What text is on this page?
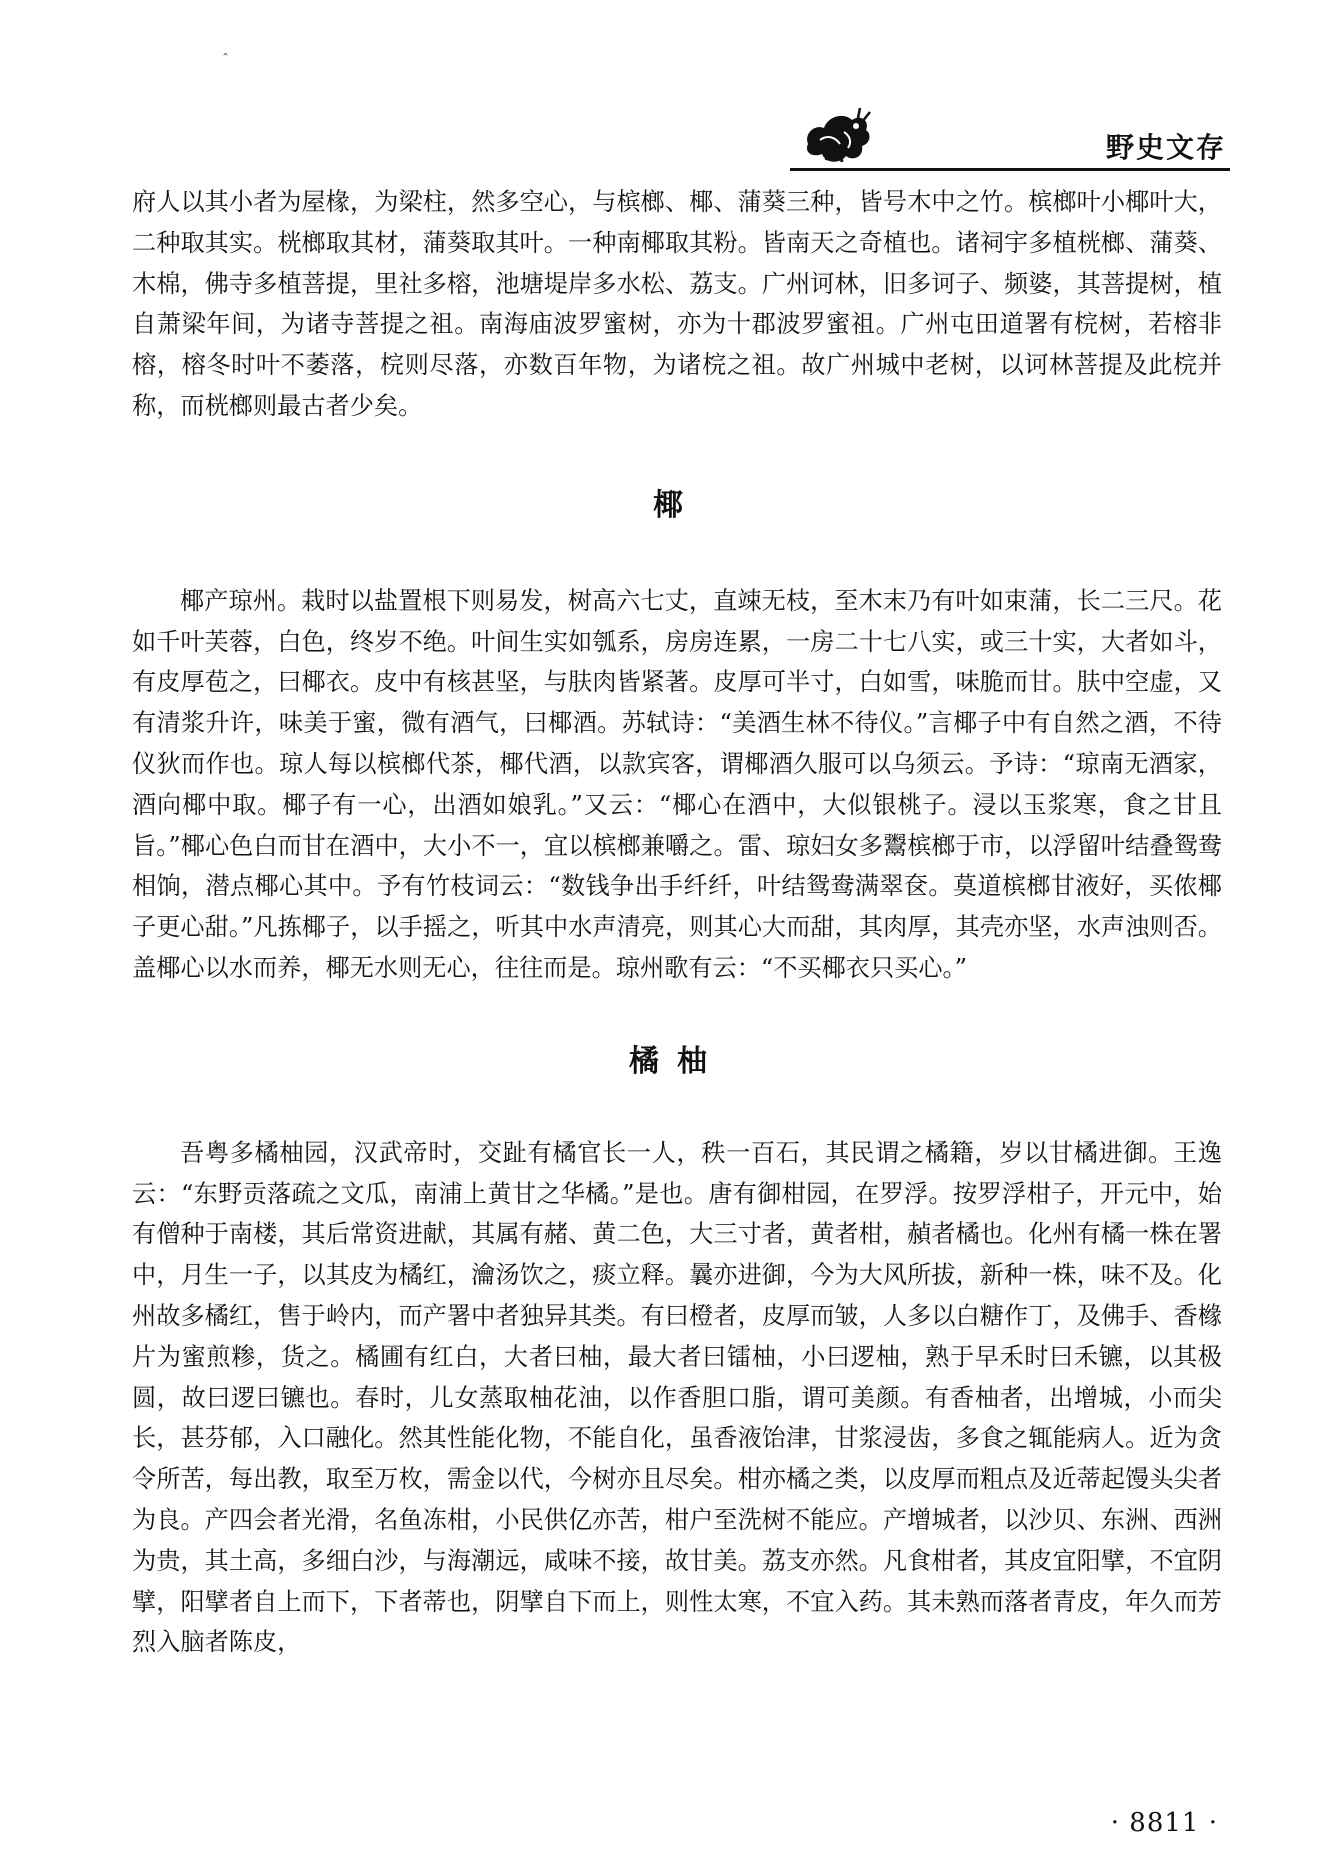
ˆ
野史文存

府人以其小者为屋椽，为梁柱，然多空心，与槟榔、椰、蒲葵三种，皆号木中之竹。槟榔叶小椰叶大，二种取其实。桄榔取其材，蒲葵取其叶。一种南椰取其粉。皆南天之奇植也。诸祠宇多植桄榔、蒲葵、木棉，佛寺多植菩提，里社多榕，池塘堤岸多水松、荔支。广州诃林，旧多诃子、频婆，其菩提树，植自萧梁年间，为诸寺菩提之祖。南海庙波罗蜜树，亦为十郡波罗蜜祖。广州屯田道署有梡树，若榕非榕，榕冬时叶不萎落，梡则尽落，亦数百年物，为诸梡之祖。故广州城中老树，以诃林菩提及此梡并称，而桄榔则最古者少矣。

椰

椰产琼州。栽时以盐置根下则易发，树高六七丈，直竦无枝，至木末乃有叶如束蒲，长二三尺。花如千叶芙蓉，白色，终岁不绝。叶间生实如瓠系，房房连累，一房二十七八实，或三十实，大者如斗，有皮厚苞之，曰椰衣。皮中有核甚坚，与肤肉皆紧著。皮厚可半寸，白如雪，味脆而甘。肤中空虚，又有清浆升许，味美于蜜，微有酒气，曰椰酒。苏轼诗：“美酒生林不待仪。”言椰子中有自然之酒，不待仪狄而作也。琼人每以槟榔代茶，椰代酒，以款宾客，谓椰酒久服可以乌须云。予诗：“琼南无酒家，酒向椰中取。椰子有一心，出酒如娘乳。”又云：“椰心在酒中，大似银桃子。浸以玉浆寒，食之甘且旨。”椰心色白而甘在酒中，大小不一，宜以槟榔兼嚼之。雷、琼妇女多鬻槟榔于市，以浮留叶结叠鸳鸯相饷，潜点椰心其中。予有竹枝词云：“数钱争出手纤纤，叶结鸳鸯满翠奁。莫道槟榔甘液好，买侬椰子更心甜。”凡拣椰子，以手摇之，听其中水声清亮，则其心大而甜，其肉厚，其壳亦坚，水声浊则否。盖椰心以水而养，椰无水则无心，往往而是。琼州歌有云：“不买椰衣只买心。”

橘柚

吾粤多橘柚园，汉武帝时，交趾有橘官长一人，秩一百石，其民谓之橘籍，岁以甘橘进御。王逸云：“东野贡落疏之文瓜，南浦上黄甘之华橘。”是也。唐有御柑园，在罗浮。按罗浮柑子，开元中，始有僧种于南楼，其后常资进献，其属有赭、黄二色，大三寸者，黄者柑，赬者橘也。化州有橘一株在署中，月生一子，以其皮为橘红，瀹汤饮之，痰立释。曩亦进御，今为大风所拔，新种一株，味不及。化州故多橘红，售于岭内，而产署中者独异其类。有曰橙者，皮厚而皱，人多以白糖作丁，及佛手、香橼片为蜜煎糁，货之。橘圃有红白，大者曰柚，最大者曰镭柚，小曰逻柚，熟于早禾时曰禾镳，以其极圆，故曰逻曰镳也。春时，儿女蒸取柚花油，以作香胆口脂，谓可美颜。有香柚者，出增城，小而尖长，甚芬郁，入口融化。然其性能化物，不能自化，虽香液饴津，甘浆浸齿，多食之辄能病人。近为贪令所苦，每出教，取至万枚，需金以代，今树亦且尽矣。柑亦橘之类，以皮厚而粗点及近蒂起馒头尖者为良。产四会者光滑，名鱼冻柑，小民供亿亦苦，柑户至洗树不能应。产增城者，以沙贝、东洲、西洲为贵，其土高，多细白沙，与海潮远，咸味不接，故甘美。荔支亦然。凡食柑者，其皮宜阳擘，不宜阴擘，阳擘者自上而下，下者蒂也，阴擘自下而上，则性太寒，不宜入药。其未熟而落者青皮，年久而芳烈入脑者陈皮，

· 8811 ·
